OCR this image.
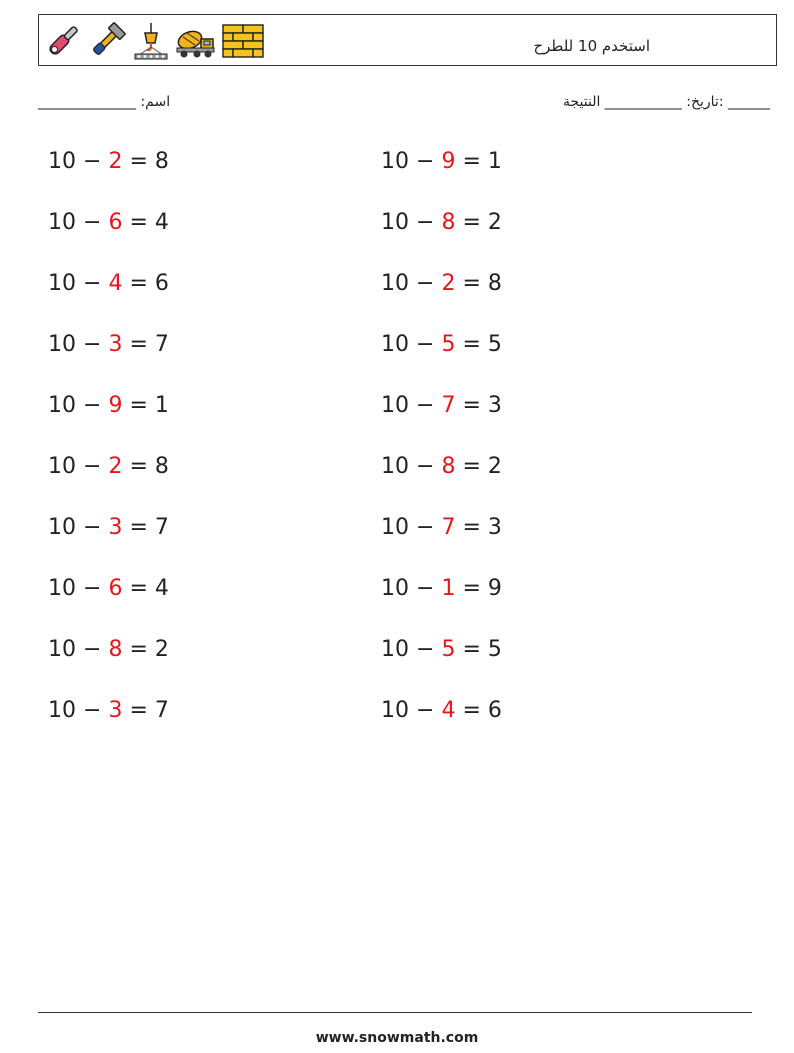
استخدم 10 للطرح
اسم: ______________	______ :تاريخ: ___________ النتيجة
10 − 2 = 8
10 − 6 = 4
10 − 4 = 6
10 − 3 = 7
10 − 9 = 1
10 − 2 = 8
10 − 3 = 7
10 − 6 = 4
10 − 8 = 2
10 − 3 = 7
10 − 9 = 1
10 − 8 = 2
10 − 2 = 8
10 − 5 = 5
10 − 7 = 3
10 − 8 = 2
10 − 7 = 3
10 − 1 = 9
10 − 5 = 5
10 − 4 = 6
www.snowmath.com
